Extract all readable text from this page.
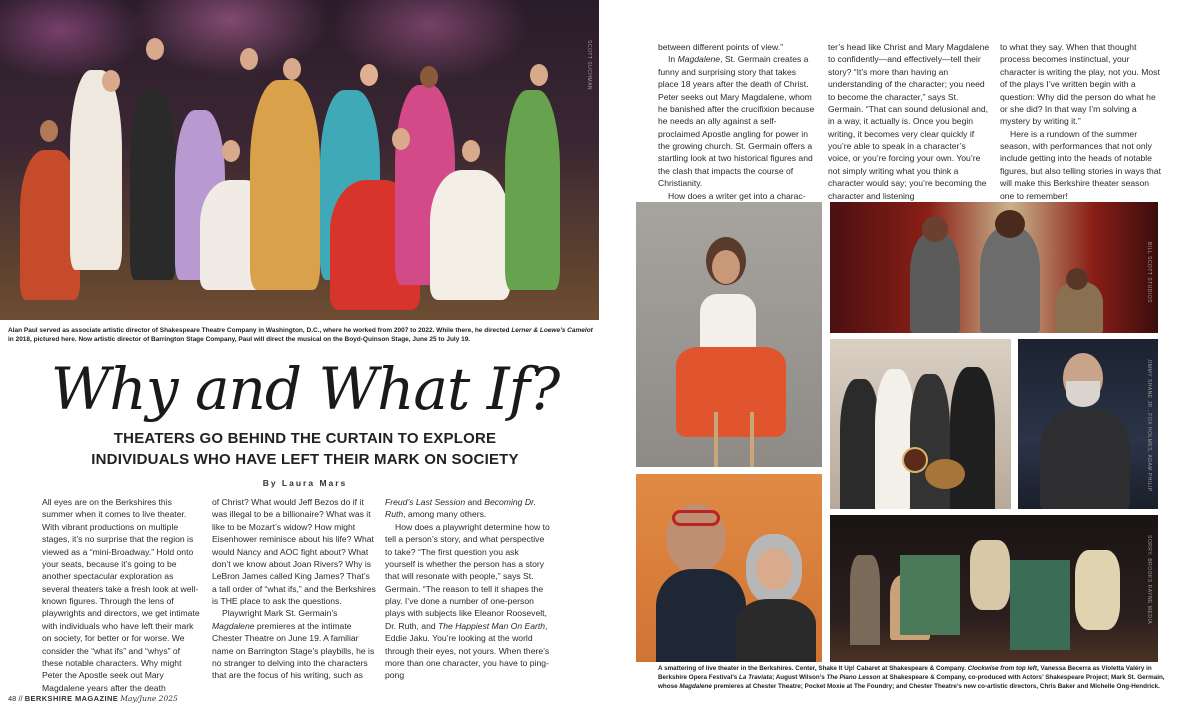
SCOTT SUCHMAN
Alan Paul served as associate artistic director of Shakespeare Theatre Company in Washington, D.C., where he worked from 2007 to 2022. While there, he directed Lerner & Loewe’s Camelot in 2018, pictured here. Now artistic director of Barrington Stage Company, Paul will direct the musical on the Boyd-Quinson Stage, June 25 to July 19.
Why and What If?
THEATERS GO BEHIND THE CURTAIN TO EXPLORE INDIVIDUALS WHO HAVE LEFT THEIR MARK ON SOCIETY
By Laura Mars

All eyes are on the Berkshires this summer when it comes to live theater. With vibrant productions on multiple stages, it’s no surprise that the region is viewed as a “mini-Broadway.” Hold onto your seats, because it’s going to be another spectacular exploration as several theaters take a fresh look at well-known figures. Through the lens of playwrights and directors, we get intimate with individuals who have left their mark on society, for better or for worse. We consider the “what ifs” and “whys” of these notable characters. Why might Peter the Apostle seek out Mary Magdalene years after the death

of Christ? What would Jeff Bezos do if it was illegal to be a billionaire? What was it like to be Mozart’s widow? How might Eisenhower reminisce about his life? What would Nancy and AOC fight about? What don’t we know about Joan Rivers? Why is LeBron James called King James? That’s a tall order of “what ifs,” and the Berkshires is THE place to ask the questions.

Playwright Mark St. Germain’s Magdalene premieres at the intimate Chester Theatre on June 19. A familiar name on Barrington Stage’s playbills, he is no stranger to delving into the characters that are the focus of his writing, such as

Freud’s Last Session and Becoming Dr. Ruth, among many others.

How does a playwright determine how to tell a person’s story, and what perspective to take? “The first question you ask yourself is whether the person has a story that will resonate with people,” says St. Germain. “The reason to tell it shapes the play. I’ve done a number of one-person plays with subjects like Eleanor Roosevelt, Dr. Ruth, and The Happiest Man On Earth, Eddie Jaku. You’re looking at the world through their eyes, not yours. When there’s more than one character, you have to ping-pong

48 // BERKSHIRE MAGAZINE May/June 2025

between different points of view.”

In Magdalene, St. Germain creates a funny and surprising story that takes place 18 years after the death of Christ. Peter seeks out Mary Magdalene, whom he banished after the crucifixion because he needs an ally against a self-proclaimed Apostle angling for power in the growing church. St. Germain offers a startling look at two historical figures and the clash that impacts the course of Christianity.

How does a writer get into a charac-

ter’s head like Christ and Mary Magdalene to confidently—and effectively—tell their story? “It’s more than having an understanding of the character; you need to become the character,” says St. Germain. “That can sound delusional and, in a way, it actually is. Once you begin writing, it becomes very clear quickly if you’re able to speak in a character’s voice, or you’re forcing your own. You’re not simply writing what you think a character would say; you’re becoming the character and listening

to what they say. When that thought process becomes instinctual, your character is writing the play, not you. Most of the plays I’ve written begin with a question: Why did the person do what he or she did? In that way I’m solving a mystery by writing it.”

Here is a rundown of the summer season, with performances that not only include getting into the heads of notable figures, but also telling stories in ways that will make this Berkshire theater season one to remember!

BILL SCOTT STUDIOS
JIMMY SHANE JR., FOX HOLMES, ADAM PHILIP
SORRY, BROOKS RAYNE MEDIA
A smattering of live theater in the Berkshires. Center, Shake It Up! Cabaret at Shakespeare & Company. Clockwise from top left, Vanessa Becerra as Violetta Valéry in Berkshire Opera Festival’s La Traviata; August Wilson’s The Piano Lesson at Shakespeare & Company, co-produced with Actors’ Shakespeare Project; Mark St. Germain, whose Magdalene premieres at Chester Theatre; Pocket Moxie at The Foundry; and Chester Theatre’s new co-artistic directors, Chris Baker and Michelle Ong-Hendrick.
